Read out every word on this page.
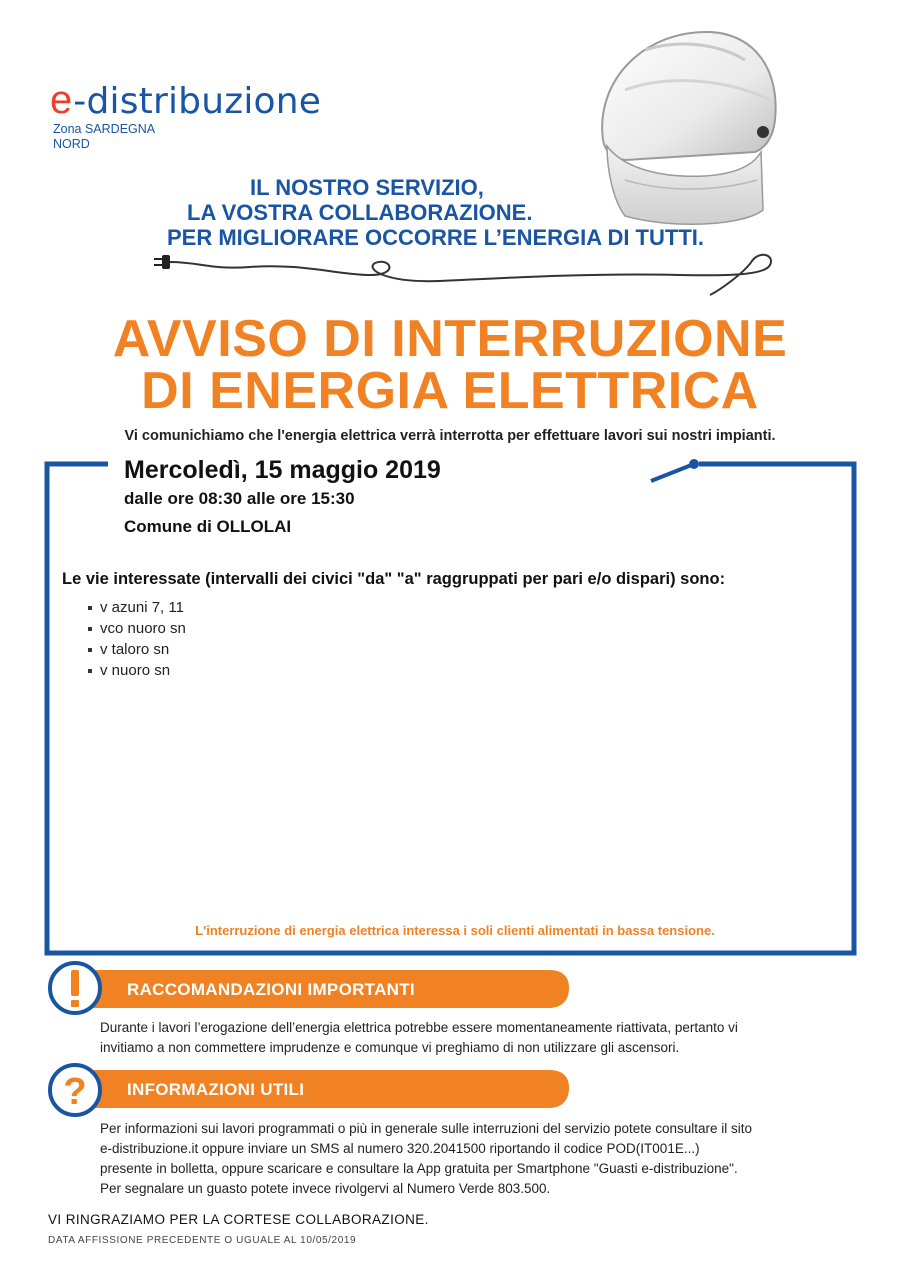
e -distribuzione
Zona SARDEGNA
NORD
IL NOSTRO SERVIZIO,
LA VOSTRA COLLABORAZIONE.
PER MIGLIORARE OCCORRE L’ENERGIA DI TUTTI.
AVVISO DI INTERRUZIONE
DI ENERGIA ELETTRICA
Vi comunichiamo che l'energia elettrica verrà interrotta per effettuare lavori sui nostri impianti.
Mercoledì, 15 maggio 2019
dalle ore 08:30 alle ore 15:30
Comune di OLLOLAI
Le vie interessate (intervalli dei civici "da" "a" raggruppati per pari e/o dispari) sono:
v azuni 7, 11
vco nuoro sn
v taloro sn
v nuoro sn
L'interruzione di energia elettrica interessa i soli clienti alimentati in bassa tensione.
RACCOMANDAZIONI IMPORTANTI
Durante i lavori l’erogazione dell’energia elettrica potrebbe essere momentaneamente riattivata, pertanto vi
invitiamo a non commettere imprudenze e comunque vi preghiamo di non utilizzare gli ascensori.
? INFORMAZIONI UTILI
Per informazioni sui lavori programmati o più in generale sulle interruzioni del servizio potete consultare il sito
e-distribuzione.it oppure inviare un SMS al numero 320.2041500 riportando il codice POD(IT001E...)
presente in bolletta, oppure scaricare e consultare la App gratuita per Smartphone "Guasti e-distribuzione".
Per segnalare un guasto potete invece rivolgervi al Numero Verde 803.500.
VI RINGRAZIAMO PER LA CORTESE COLLABORAZIONE.
DATA AFFISSIONE PRECEDENTE O UGUALE AL 10/05/2019
